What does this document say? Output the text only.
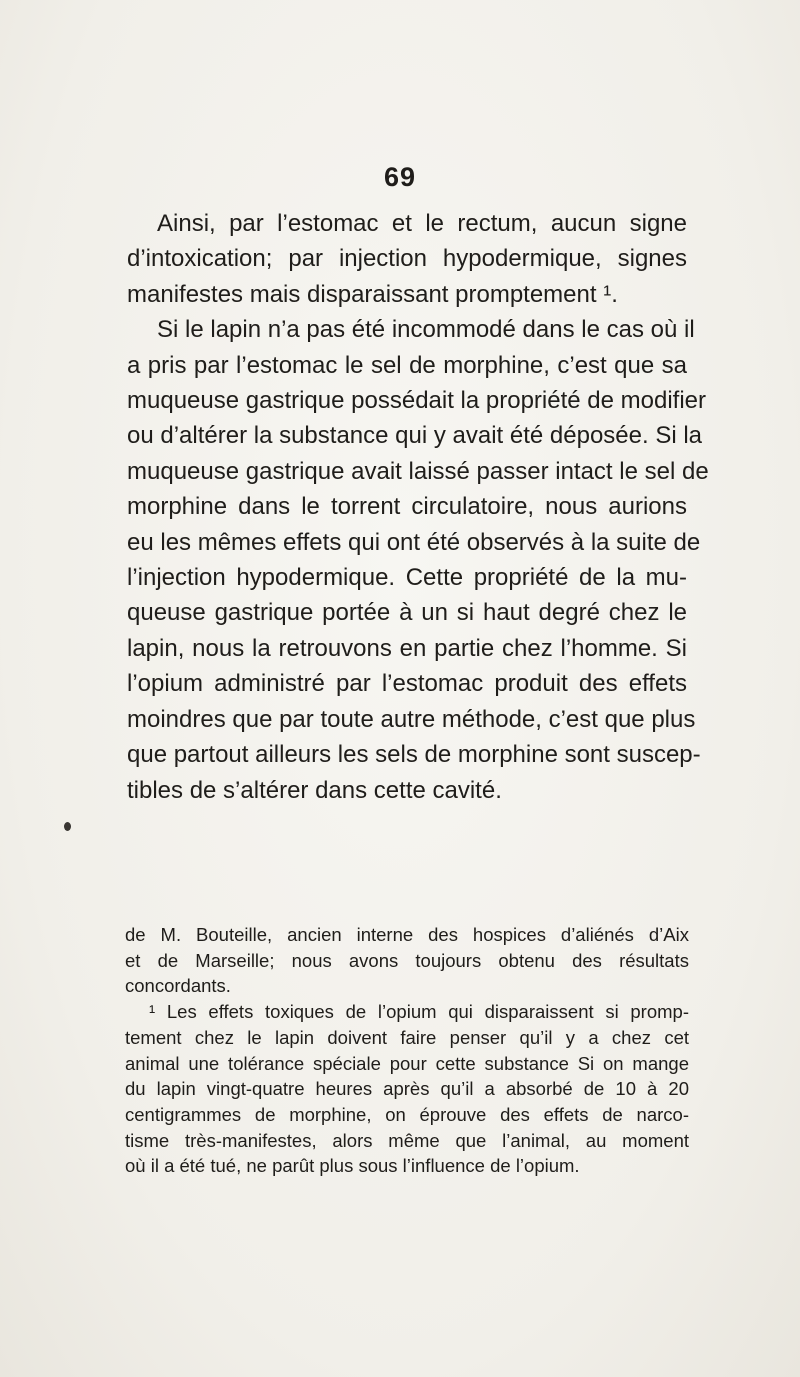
69
Ainsi, par l’estomac et le rectum, aucun signe
d’intoxication; par injection hypodermique, signes
manifestes mais disparaissant promptement ¹.
Si le lapin n’a pas été incommodé dans le cas où il
a pris par l’estomac le sel de morphine, c’est que sa
muqueuse gastrique possédait la propriété de modifier
ou d’altérer la substance qui y avait été déposée. Si la
muqueuse gastrique avait laissé passer intact le sel de
morphine dans le torrent circulatoire, nous aurions
eu les mêmes effets qui ont été observés à la suite de
l’injection hypodermique. Cette propriété de la mu-
queuse gastrique portée à un si haut degré chez le
lapin, nous la retrouvons en partie chez l’homme. Si
l’opium administré par l’estomac produit des effets
moindres que par toute autre méthode, c’est que plus
que partout ailleurs les sels de morphine sont suscep-
tibles de s’altérer dans cette cavité.
de M. Bouteille, ancien interne des hospices d’aliénés d’Aix
et de Marseille; nous avons toujours obtenu des résultats
concordants.
¹ Les effets toxiques de l’opium qui disparaissent si promp-
tement chez le lapin doivent faire penser qu’il y a chez cet
animal une tolérance spéciale pour cette substance Si on mange
du lapin vingt-quatre heures après qu’il a absorbé de 10 à 20
centigrammes de morphine, on éprouve des effets de narco-
tisme très-manifestes, alors même que l’animal, au moment
où il a été tué, ne parût plus sous l’influence de l’opium.
